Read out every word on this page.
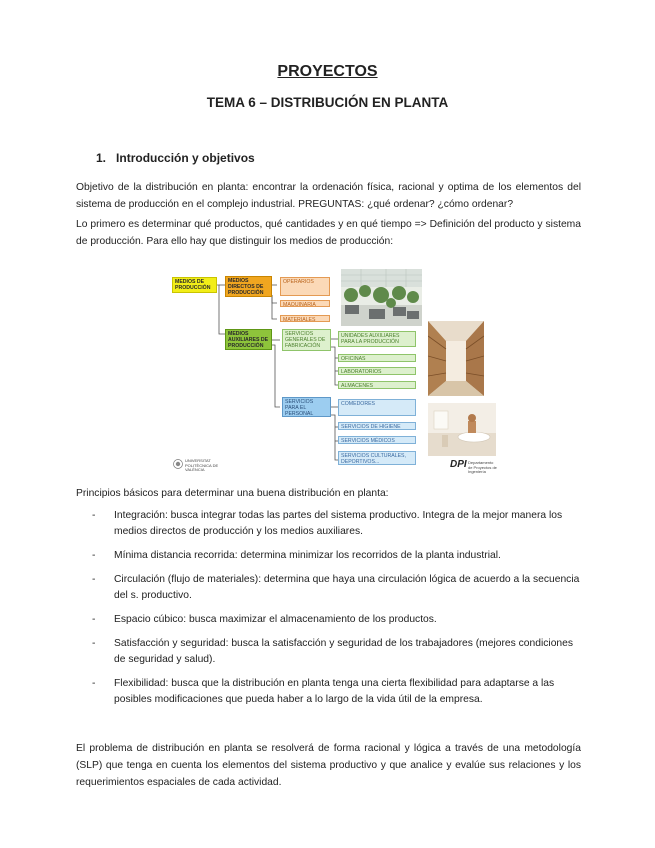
PROYECTOS
TEMA 6 – DISTRIBUCIÓN EN PLANTA
1. Introducción y objetivos
Objetivo de la distribución en planta: encontrar la ordenación física, racional y optima de los elementos del sistema de producción en el complejo industrial. PREGUNTAS: ¿qué ordenar? ¿cómo ordenar?
Lo primero es determinar qué productos, qué cantidades y en qué tiempo => Definición del producto y sistema de producción. Para ello hay que distinguir los medios de producción:
MEDIOS DE PRODUCCIÓN
MEDIOS DIRECTOS DE PRODUCCIÓN
OPERARIOS
MAQUINARIA
MATERIALES
MEDIOS AUXILIARES DE PRODUCCIÓN
SERVICIOS GENERALES DE FABRICACIÓN
UNIDADES AUXILIARES PARA LA PRODUCCIÓN
OFICINAS
LABORATORIOS
ALMACENES
SERVICIOS PARA EL PERSONAL
COMEDORES
SERVICIOS DE HIGIENE
SERVICIOS MÉDICOS
SERVICIOS CULTURALES, DEPORTIVOS...
UNIVERSITAT POLITÈCNICA DE VALÈNCIA	DPI Departamento de Proyectos de Ingeniería
Principios básicos para determinar una buena distribución en planta:
- Integración: busca integrar todas las partes del sistema productivo. Integra de la mejor manera los medios directos de producción y los medios auxiliares.
- Mínima distancia recorrida: determina minimizar los recorridos de la planta industrial.
- Circulación (flujo de materiales): determina que haya una circulación lógica de acuerdo a la secuencia del s. productivo.
- Espacio cúbico: busca maximizar el almacenamiento de los productos.
- Satisfacción y seguridad: busca la satisfacción y seguridad de los trabajadores (mejores condiciones de seguridad y salud).
- Flexibilidad: busca que la distribución en planta tenga una cierta flexibilidad para adaptarse a las posibles modificaciones que pueda haber a lo largo de la vida útil de la empresa.
El problema de distribución en planta se resolverá de forma racional y lógica a través de una metodología (SLP) que tenga en cuenta los elementos del sistema productivo y que analice y evalúe sus relaciones y los requerimientos espaciales de cada actividad.
